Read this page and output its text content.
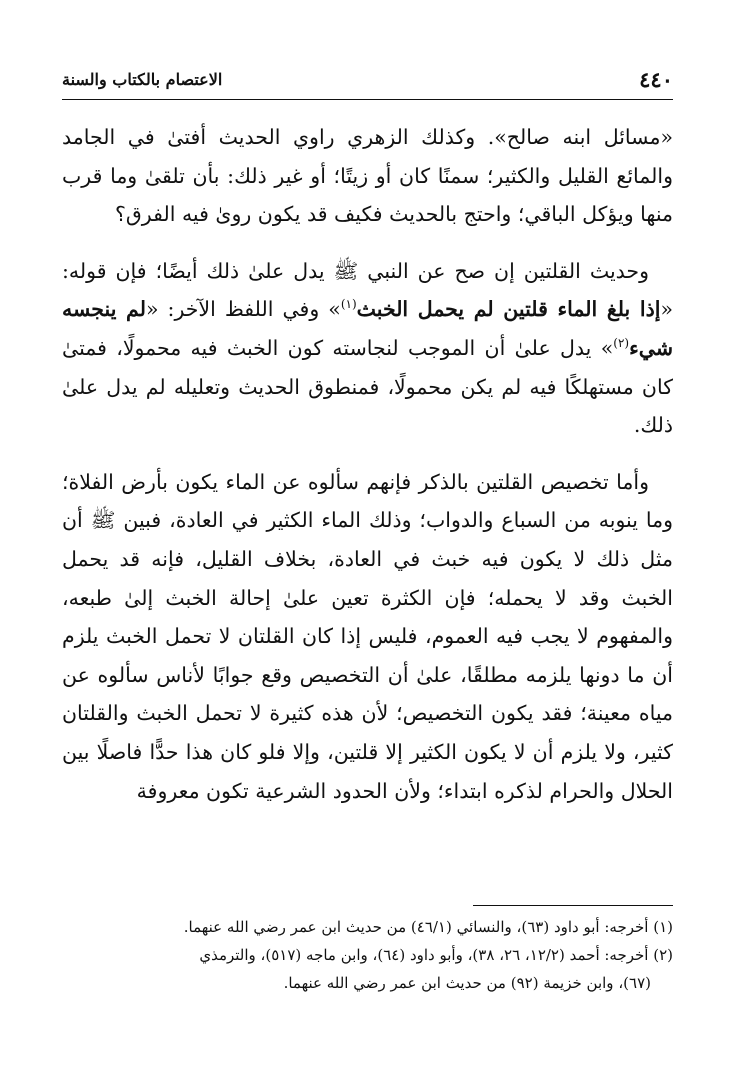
٤٤٠
الاعتصام بالكتاب والسنة

«مسائل ابنه صالح». وكذلك الزهري راوي الحديث أفتىٰ في الجامد والمائع القليل والكثير؛ سمنًا كان أو زيتًا؛ أو غير ذلك: بأن تلقىٰ وما قرب منها ويؤكل الباقي؛ واحتج بالحديث فكيف قد يكون روىٰ فيه الفرق؟

وحديث القلتين إن صح عن النبي ﷺ يدل علىٰ ذلك أيضًا؛ فإن قوله: «إذا بلغ الماء قلتين لم يحمل الخبث$^{(١)}$» وفي اللفظ الآخر: «لم ينجسه شيء$^{(٢)}$» يدل علىٰ أن الموجب لنجاسته كون الخبث فيه محمولًا، فمتىٰ كان مستهلكًا فيه لم يكن محمولًا، فمنطوق الحديث وتعليله لم يدل علىٰ ذلك.

وأما تخصيص القلتين بالذكر فإنهم سألوه عن الماء يكون بأرض الفلاة؛ وما ينوبه من السباع والدواب؛ وذلك الماء الكثير في العادة، فبين ﷺ أن مثل ذلك لا يكون فيه خبث في العادة، بخلاف القليل، فإنه قد يحمل الخبث وقد لا يحمله؛ فإن الكثرة تعين علىٰ إحالة الخبث إلىٰ طبعه، والمفهوم لا يجب فيه العموم، فليس إذا كان القلتان لا تحمل الخبث يلزم أن ما دونها يلزمه مطلقًا، علىٰ أن التخصيص وقع جوابًا لأناس سألوه عن مياه معينة؛ فقد يكون التخصيص؛ لأن هذه كثيرة لا تحمل الخبث والقلتان كثير، ولا يلزم أن لا يكون الكثير إلا قلتين، وإلا فلو كان هذا حدًّا فاصلًا بين الحلال والحرام لذكره ابتداء؛ ولأن الحدود الشرعية تكون معروفة

(١) أخرجه: أبو داود (٦٣)، والنسائي (٤٦/١) من حديث ابن عمر رضي الله عنهما.

(٢) أخرجه: أحمد (١٢/٢، ٢٦، ٣٨)، وأبو داود (٦٤)، وابن ماجه (٥١٧)، والترمذي

(٦٧)، وابن خزيمة (٩٢) من حديث ابن عمر رضي الله عنهما.
